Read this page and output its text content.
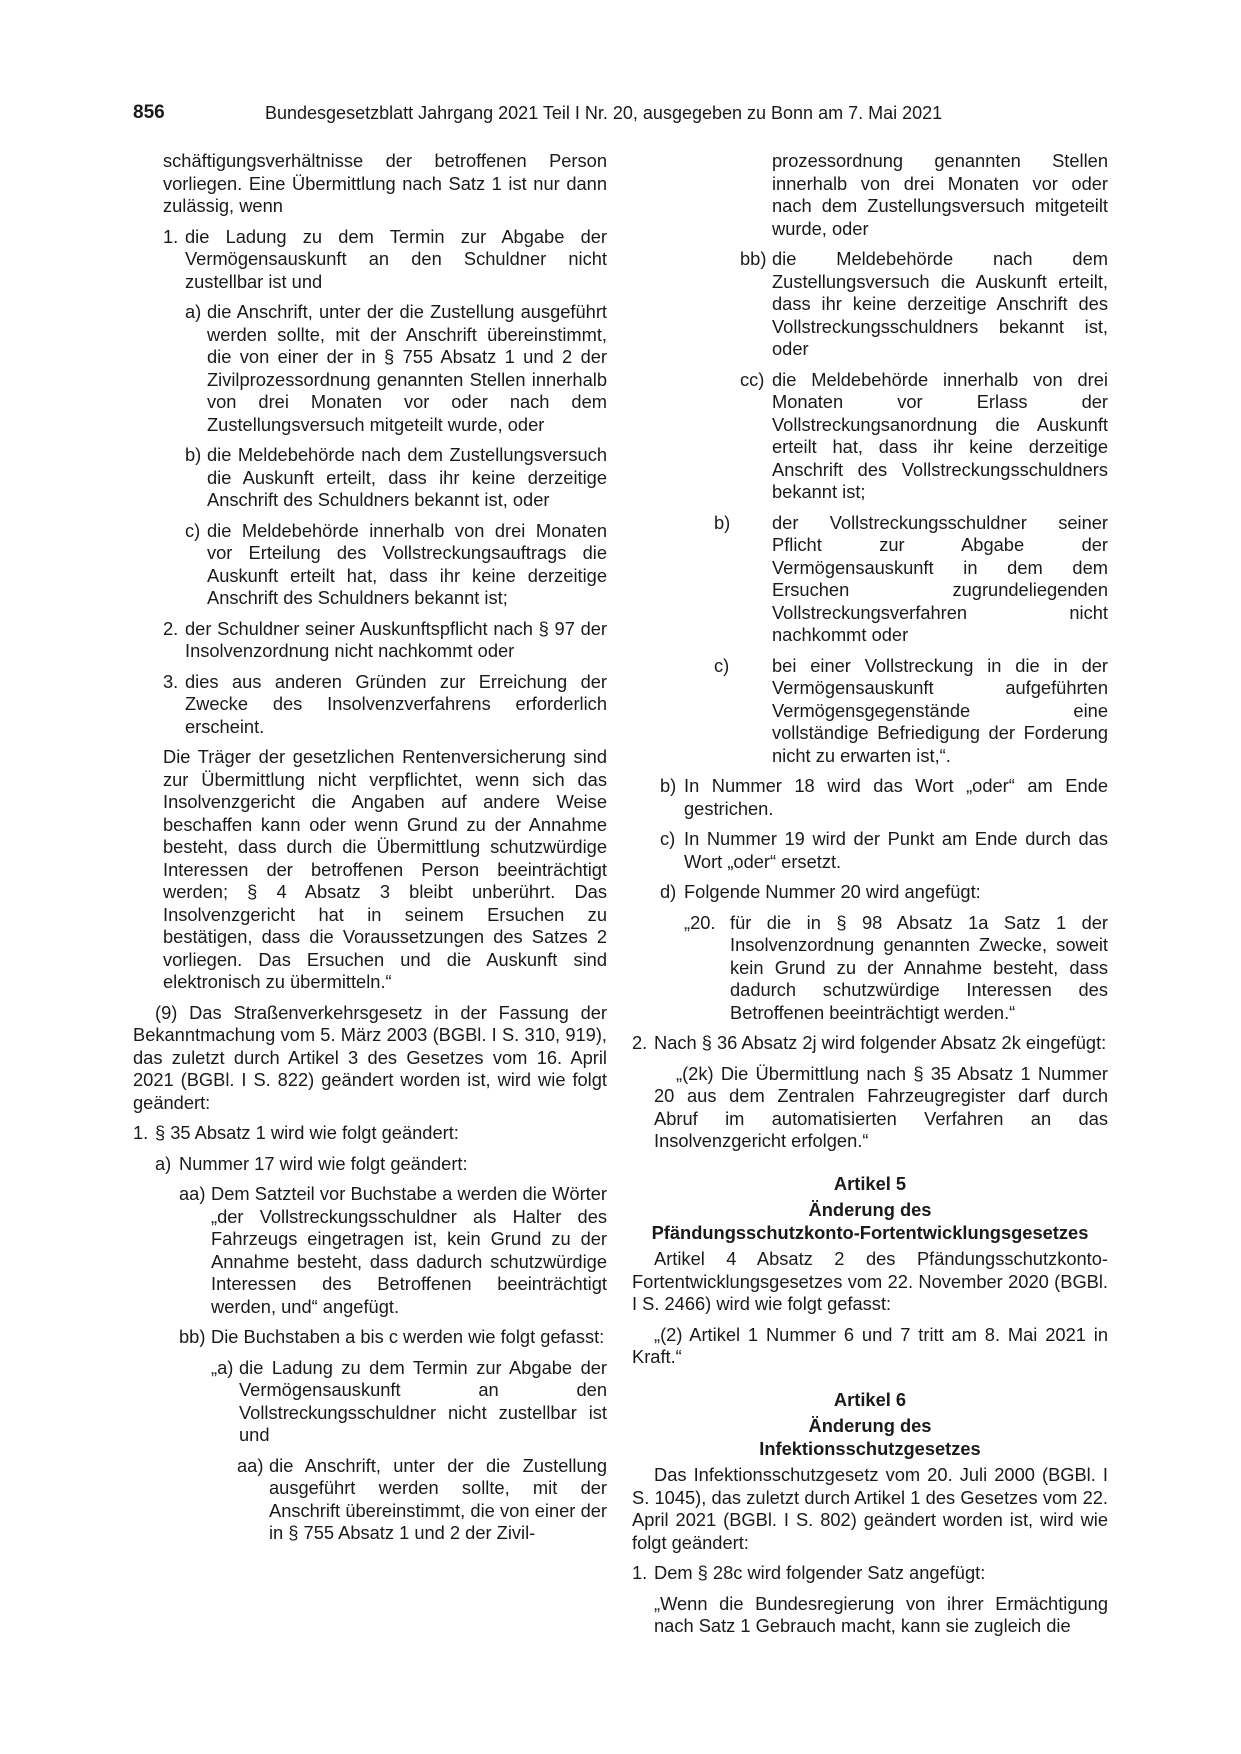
856	Bundesgesetzblatt Jahrgang 2021 Teil I Nr. 20, ausgegeben zu Bonn am 7. Mai 2021

schäftigungsverhältnisse der betroffenen Person vorliegen. Eine Übermittlung nach Satz 1 ist nur dann zulässig, wenn

1. die Ladung zu dem Termin zur Abgabe der Vermögensauskunft an den Schuldner nicht zustellbar ist und
a) die Anschrift, unter der die Zustellung ausgeführt werden sollte, mit der Anschrift übereinstimmt, die von einer der in § 755 Absatz 1 und 2 der Zivilprozessordnung genannten Stellen innerhalb von drei Monaten vor oder nach dem Zustellungsversuch mitgeteilt wurde, oder
b) die Meldebehörde nach dem Zustellungsversuch die Auskunft erteilt, dass ihr keine derzeitige Anschrift des Schuldners bekannt ist, oder
c) die Meldebehörde innerhalb von drei Monaten vor Erteilung des Vollstreckungsauftrags die Auskunft erteilt hat, dass ihr keine derzeitige Anschrift des Schuldners bekannt ist;
2. der Schuldner seiner Auskunftspflicht nach § 97 der Insolvenzordnung nicht nachkommt oder
3. dies aus anderen Gründen zur Erreichung der Zwecke des Insolvenzverfahrens erforderlich erscheint.

Die Träger der gesetzlichen Rentenversicherung sind zur Übermittlung nicht verpflichtet, wenn sich das Insolvenzgericht die Angaben auf andere Weise beschaffen kann oder wenn Grund zu der Annahme besteht, dass durch die Übermittlung schutzwürdige Interessen der betroffenen Person beeinträchtigt werden; § 4 Absatz 3 bleibt unberührt. Das Insolvenzgericht hat in seinem Ersuchen zu bestätigen, dass die Voraussetzungen des Satzes 2 vorliegen. Das Ersuchen und die Auskunft sind elektronisch zu übermitteln.“

(9) Das Straßenverkehrsgesetz in der Fassung der Bekanntmachung vom 5. März 2003 (BGBl. I S. 310, 919), das zuletzt durch Artikel 3 des Gesetzes vom 16. April 2021 (BGBl. I S. 822) geändert worden ist, wird wie folgt geändert:

1. § 35 Absatz 1 wird wie folgt geändert:
a) Nummer 17 wird wie folgt geändert:
aa) Dem Satzteil vor Buchstabe a werden die Wörter „der Vollstreckungsschuldner als Halter des Fahrzeugs eingetragen ist, kein Grund zu der Annahme besteht, dass dadurch schutzwürdige Interessen des Betroffenen beeinträchtigt werden, und“ angefügt.
bb) Die Buchstaben a bis c werden wie folgt gefasst:
„a) die Ladung zu dem Termin zur Abgabe der Vermögensauskunft an den Vollstreckungsschuldner nicht zustellbar ist und
aa) die Anschrift, unter der die Zustellung ausgeführt werden sollte, mit der Anschrift übereinstimmt, die von einer der in § 755 Absatz 1 und 2 der Zivil-

prozessordnung genannten Stellen innerhalb von drei Monaten vor oder nach dem Zustellungsversuch mitgeteilt wurde, oder

bb) die Meldebehörde nach dem Zustellungsversuch die Auskunft erteilt, dass ihr keine derzeitige Anschrift des Vollstreckungsschuldners bekannt ist, oder
cc) die Meldebehörde innerhalb von drei Monaten vor Erlass der Vollstreckungsanordnung die Auskunft erteilt hat, dass ihr keine derzeitige Anschrift des Vollstreckungsschuldners bekannt ist;
b)	der Vollstreckungsschuldner seiner Pflicht zur Abgabe der Vermögensauskunft in dem dem Ersuchen zugrundeliegenden Vollstreckungsverfahren nicht nachkommt oder
c)	bei einer Vollstreckung in die in der Vermögensauskunft aufgeführten Vermögensgegenstände eine vollständige Befriedigung der Forderung nicht zu erwarten ist,“.
b) In Nummer 18 wird das Wort „oder“ am Ende gestrichen.
c) In Nummer 19 wird der Punkt am Ende durch das Wort „oder“ ersetzt.
d) Folgende Nummer 20 wird angefügt:
„20. für die in § 98 Absatz 1a Satz 1 der Insolvenzordnung genannten Zwecke, soweit kein Grund zu der Annahme besteht, dass dadurch schutzwürdige Interessen des Betroffenen beeinträchtigt werden.“
2. Nach § 36 Absatz 2j wird folgender Absatz 2k eingefügt:

„(2k) Die Übermittlung nach § 35 Absatz 1 Nummer 20 aus dem Zentralen Fahrzeugregister darf durch Abruf im automatisierten Verfahren an das Insolvenzgericht erfolgen.“

Artikel 5
Änderung des
Pfändungsschutzkonto-Fortentwicklungsgesetzes

Artikel 4 Absatz 2 des Pfändungsschutzkonto-Fortentwicklungsgesetzes vom 22. November 2020 (BGBl. I S. 2466) wird wie folgt gefasst:

„(2) Artikel 1 Nummer 6 und 7 tritt am 8. Mai 2021 in Kraft.“

Artikel 6
Änderung des
Infektionsschutzgesetzes

Das Infektionsschutzgesetz vom 20. Juli 2000 (BGBl. I S. 1045), das zuletzt durch Artikel 1 des Gesetzes vom 22. April 2021 (BGBl. I S. 802) geändert worden ist, wird wie folgt geändert:

1. Dem § 28c wird folgender Satz angefügt:

„Wenn die Bundesregierung von ihrer Ermächtigung nach Satz 1 Gebrauch macht, kann sie zugleich die
